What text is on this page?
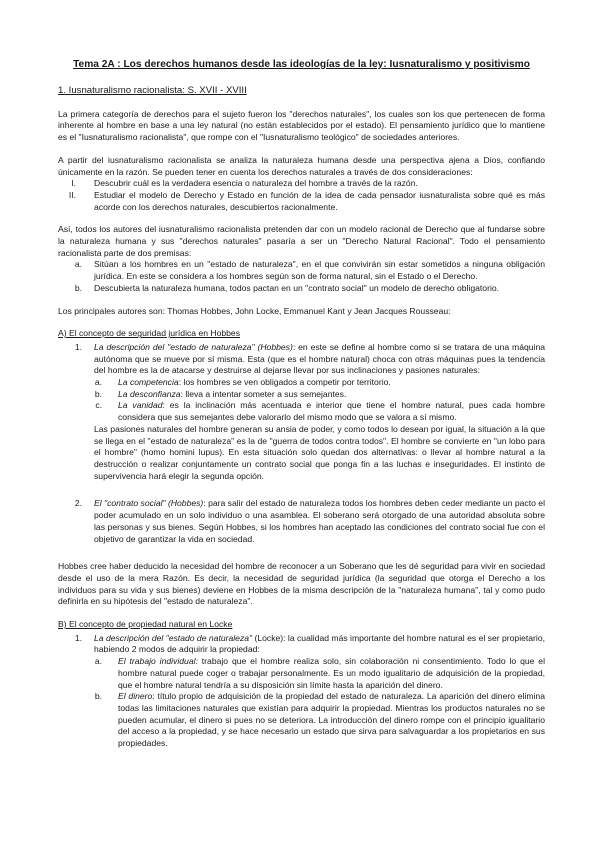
Tema 2A : Los derechos humanos desde las ideologías de la ley: Iusnaturalismo y positivismo
1. Iusnaturalismo racionalista: S. XVII - XVIII

La primera categoría de derechos para el sujeto fueron los "derechos naturales", los cuales son los que pertenecen de forma inherente al hombre en base a una ley natural (no están establecidos por el estado). El pensamiento jurídico que lo mantiene es el "Iusnaturalismo racionalista", que rompe con el "Iusnaturalismo teológico" de sociedades anteriores.

A partir del iusnaturalismo racionalista se analiza la naturaleza humana desde una perspectiva ajena a Dios, confiando únicamente en la razón. Se pueden tener en cuenta los derechos naturales a través de dos consideraciones:
I. Descubrir cuál es la verdadera esencia o naturaleza del hombre a través de la razón.
II. Estudiar el modelo de Derecho y Estado en función de la idea de cada pensador iusnaturalista sobre qué es más acorde con los derechos naturales, descubiertos racionalmente.
Así, todos los autores del iusnaturalismo racionalista pretenden dar con un modelo racional de Derecho que al fundarse sobre la naturaleza humana y sus "derechos naturales" pasaría a ser un "Derecho Natural Racional". Todo el pensamiento racionalista parte de dos premisas:
a. Sitúan a los hombres en un "estado de naturaleza", en el que convivirán sin estar sometidos a ninguna obligación jurídica. En este se considera a los hombres según son de forma natural, sin el Estado o el Derecho.
b. Descubierta la naturaleza humana, todos pactan en un "contrato social" un modelo de derecho obligatorio.

Los principales autores son: Thomas Hobbes, John Locke, Emmanuel Kant y Jean Jacques Rousseau:

A) El concepto de seguridad jurídica en Hobbes
1. La descripción del "estado de naturaleza" (Hobbes): en este se define al hombre como si se tratara de una máquina autónoma que se mueve por sí misma. Esta (que es el hombre natural) choca con otras máquinas pues la tendencia del hombre es la de atacarse y destruirse al dejarse llevar por sus inclinaciones y pasiones naturales:
a. La competencia: los hombres se ven obligados a competir por territorio.
b. La desconfianza: lleva a intentar someter a sus semejantes.
c. La vanidad: es la inclinación más acentuada e interior que tiene el hombre natural, pues cada hombre considera que sus semejantes debe valorarlo del mismo modo que se valora a sí mismo.
Las pasiones naturales del hombre generan su ansia de poder, y como todos lo desean por igual, la situación a la que se llega en el "estado de naturaleza" es la de "guerra de todos contra todos". El hombre se convierte en "un lobo para el hombre" (homo homini lupus). En esta situación solo quedan dos alternativas: o llevar al hombre natural a la destrucción o realizar conjuntamente un contrato social que ponga fin a las luchas e inseguridades. El instinto de supervivencia hará elegir la segunda opción.
2. El "contrato social" (Hobbes): para salir del estado de naturaleza todos los hombres deben ceder mediante un pacto el poder acumulado en un solo individuo o una asamblea. El soberano será otorgado de una autoridad absoluta sobre las personas y sus bienes. Según Hobbes, si los hombres han aceptado las condiciones del contrato social fue con el objetivo de garantizar la vida en sociedad.

Hobbes cree haber deducido la necesidad del hombre de reconocer a un Soberano que les dé seguridad para vivir en sociedad desde el uso de la mera Razón. Es decir, la necesidad de seguridad jurídica (la seguridad que otorga el Derecho a los individuos para su vida y sus bienes) deviene en Hobbes de la misma descripción de la "naturaleza humana", tal y como pudo definirla en su hipótesis del "estado de naturaleza".

B) El concepto de propiedad natural en Locke
1. La descripción del "estado de naturaleza" (Locke): la cualidad más importante del hombre natural es el ser propietario, habiendo 2 modos de adquirir la propiedad:
a. El trabajo individual: trabajo que el hombre realiza solo, sin colaboración ni consentimiento. Todo lo que el hombre natural puede coger o trabajar personalmente. Es un modo igualitario de adquisición de la propiedad, que el hombre natural tendría a su disposición sin límite hasta la aparición del dinero.
b. El dinero: título propio de adquisición de la propiedad del estado de naturaleza. La aparición del dinero elimina todas las limitaciones naturales que existían para adquirir la propiedad. Mientras los productos naturales no se pueden acumular, el dinero si pues no se deteriora. La introducción del dinero rompe con el principio igualitario del acceso a la propiedad, y se hace necesario un estado que sirva para salvaguardar a los propietarios en sus propiedades.
